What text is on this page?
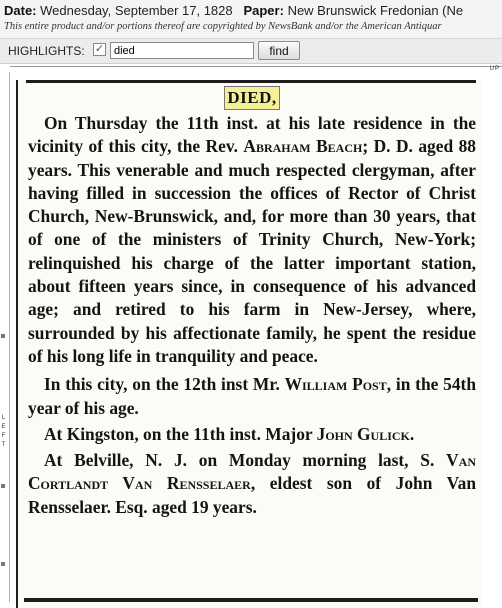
Date: Wednesday, September 17, 1828 Paper: New Brunswick Fredonian (Ne
This entire product and/or portions thereof are copyrighted by NewsBank and/or the American Antiquar
HIGHLIGHTS: ✓
died	find
UP
L
E
F
T
DIED,

On Thursday the 11th inst. at his late residence in the vicinity of this city, the Rev. Abraham Beach; D. D. aged 88 years. This venerable and much respected clergyman, after having filled in succession the offices of Rector of Christ Church, New-Brunswick, and, for more than 30 years, that of one of the ministers of Trinity Church, New-York; relinquished his charge of the latter important station, about fifteen years since, in consequence of his advanced age; and retired to his farm in New-Jersey, where, surrounded by his affectionate family, he spent the residue of his long life in tranquility and peace.

In this city, on the 12th inst Mr. William Post, in the 54th year of his age.

At Kingston, on the 11th inst. Major John Gulick.

At Belville, N. J. on Monday morning last, S. Van Cortlandt Van Rensselaer, eldest son of John Van Rensselaer. Esq. aged 19 years.
